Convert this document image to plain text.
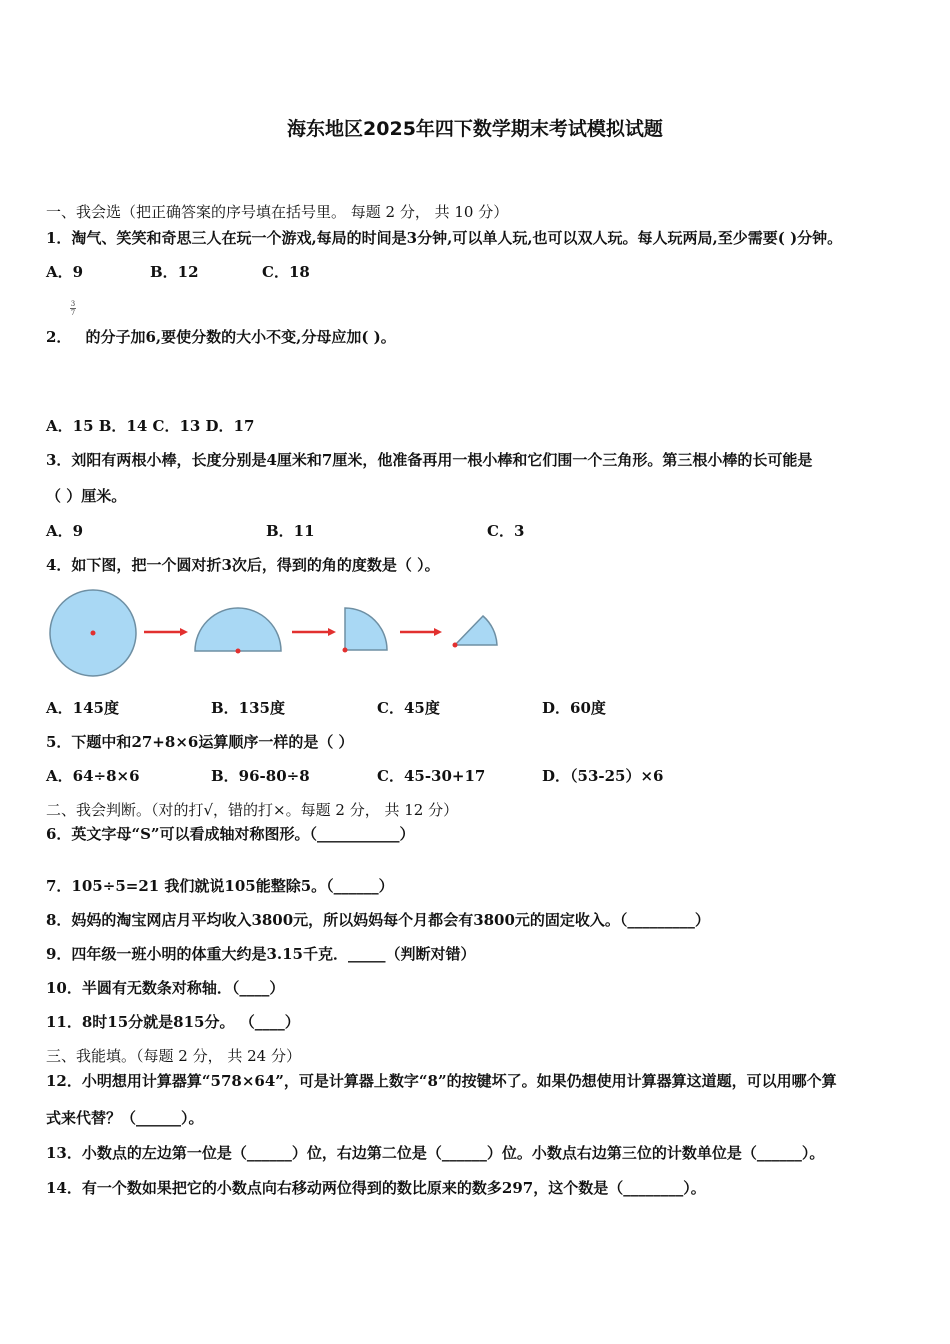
海东地区2025年四下数学期末考试模拟试题
一、我会选（把正确答案的序号填在括号里。 每题 2 分， 共 10 分）
1．淘气、笑笑和奇思三人在玩一个游戏,每局的时间是3分钟,可以单人玩,也可以双人玩。每人玩两局,至少需要( )分钟。
A．9	B．12	C．18
3
7
2． 的分子加6,要使分数的大小不变,分母应加( )。
A．15 B．14 C．13 D．17
3．刘阳有两根小棒，长度分别是4厘米和7厘米，他准备再用一根小棒和它们围一个三角形。第三根小棒的长可能是
（ ）厘米。
A．9	B．11	C．3
4．如下图，把一个圆对折3次后，得到的角的度数是（ ）。
A．145度	B．135度	C．45度	D．60度
5．下题中和27+8×6运算顺序一样的是（ ）
A．64÷8×6	B．96-80÷8	C．45-30+17	D．（53-25）×6
二、我会判断。（对的打√，错的打×。每题 2 分， 共 12 分）
6．英文字母“S”可以看成轴对称图形。（___________）
7．105÷5=21 我们就说105能整除5。（______）
8．妈妈的淘宝网店月平均收入3800元，所以妈妈每个月都会有3800元的固定收入。（_________）
9．四年级一班小明的体重大约是3.15千克．_____（判断对错）
10．半圆有无数条对称轴．（____）
11．8时15分就是815分。 （____）
三、我能填。（每题 2 分， 共 24 分）
12．小明想用计算器算“578×64”，可是计算器上数字“8”的按键坏了。如果仍想使用计算器算这道题，可以用哪个算
式来代替？（______）。
13．小数点的左边第一位是（______）位，右边第二位是（______）位。小数点右边第三位的计数单位是（______）。
14．有一个数如果把它的小数点向右移动两位得到的数比原来的数多297，这个数是（________）。
